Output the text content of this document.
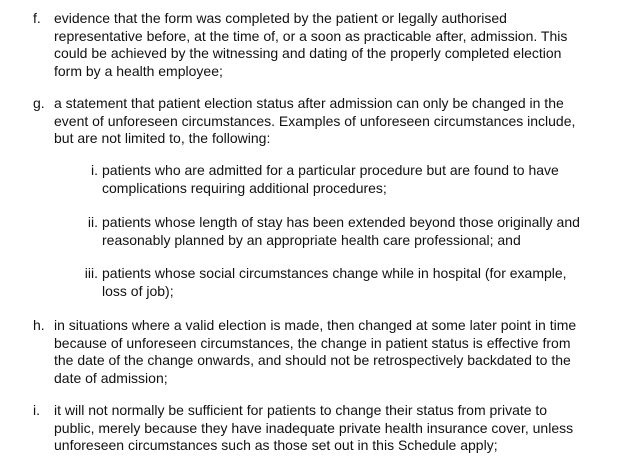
f. evidence that the form was completed by the patient or legally authorised
representative before, at the time of, or a soon as practicable after, admission. This
could be achieved by the witnessing and dating of the properly completed election
form by a health employee;
g. a statement that patient election status after admission can only be changed in the
event of unforeseen circumstances. Examples of unforeseen circumstances include,
but are not limited to, the following:
i. patients who are admitted for a particular procedure but are found to have
complications requiring additional procedures;
ii. patients whose length of stay has been extended beyond those originally and
reasonably planned by an appropriate health care professional; and
iii. patients whose social circumstances change while in hospital (for example,
loss of job);
h. in situations where a valid election is made, then changed at some later point in time
because of unforeseen circumstances, the change in patient status is effective from
the date of the change onwards, and should not be retrospectively backdated to the
date of admission;
i. it will not normally be sufficient for patients to change their status from private to
public, merely because they have inadequate private health insurance cover, unless
unforeseen circumstances such as those set out in this Schedule apply;
